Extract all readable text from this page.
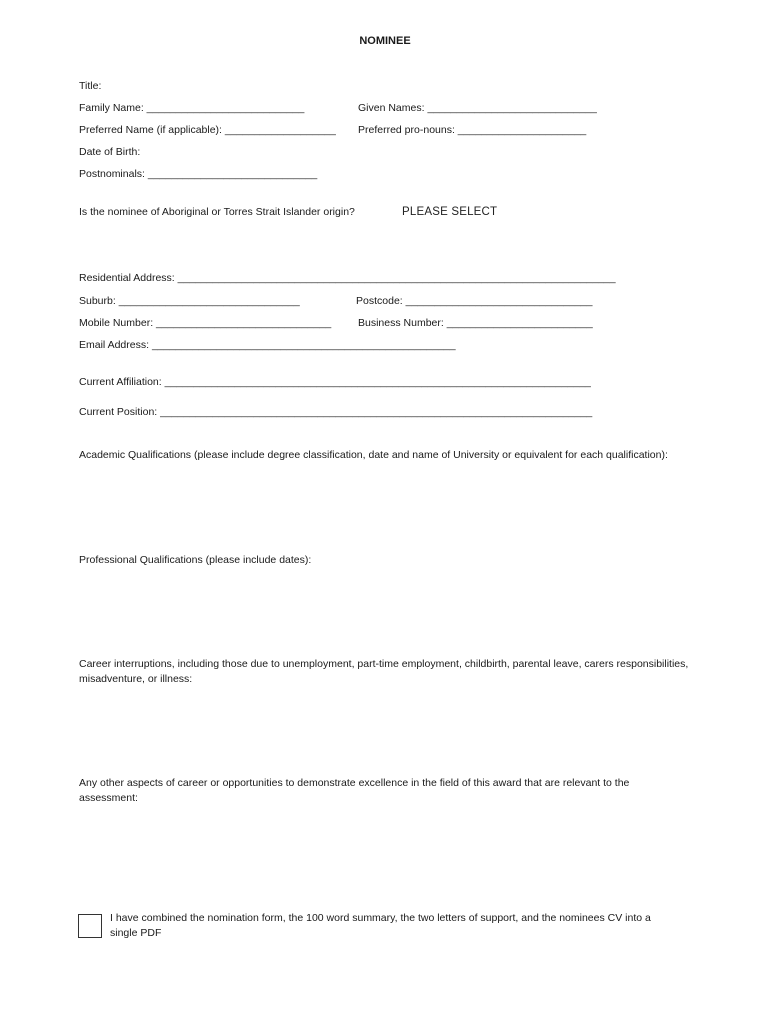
NOMINEE
Title:
Family Name: ___________________________	Given Names: _____________________________
Preferred Name (if applicable): ___________________ Preferred pro-nouns: ______________________
Date of Birth:
Postnominals: _____________________________
Is the nominee of Aboriginal or Torres Strait Islander origin?	PLEASE SELECT
Residential Address: ___________________________________________________________________________
Suburb: _______________________________	Postcode: ________________________________
Mobile Number: ______________________________	Business Number: _________________________
Email Address: ____________________________________________________
Current Affiliation: _________________________________________________________________________
Current Position: __________________________________________________________________________
Academic Qualifications (please include degree classification, date and name of University or equivalent for each qualification):
Professional Qualifications (please include dates):
Career interruptions, including those due to unemployment, part-time employment, childbirth, parental leave, carers responsibilities, misadventure, or illness:
Any other aspects of career or opportunities to demonstrate excellence in the field of this award that are relevant to the assessment:
I have combined the nomination form, the 100 word summary, the two letters of support, and the nominees CV into a single PDF
